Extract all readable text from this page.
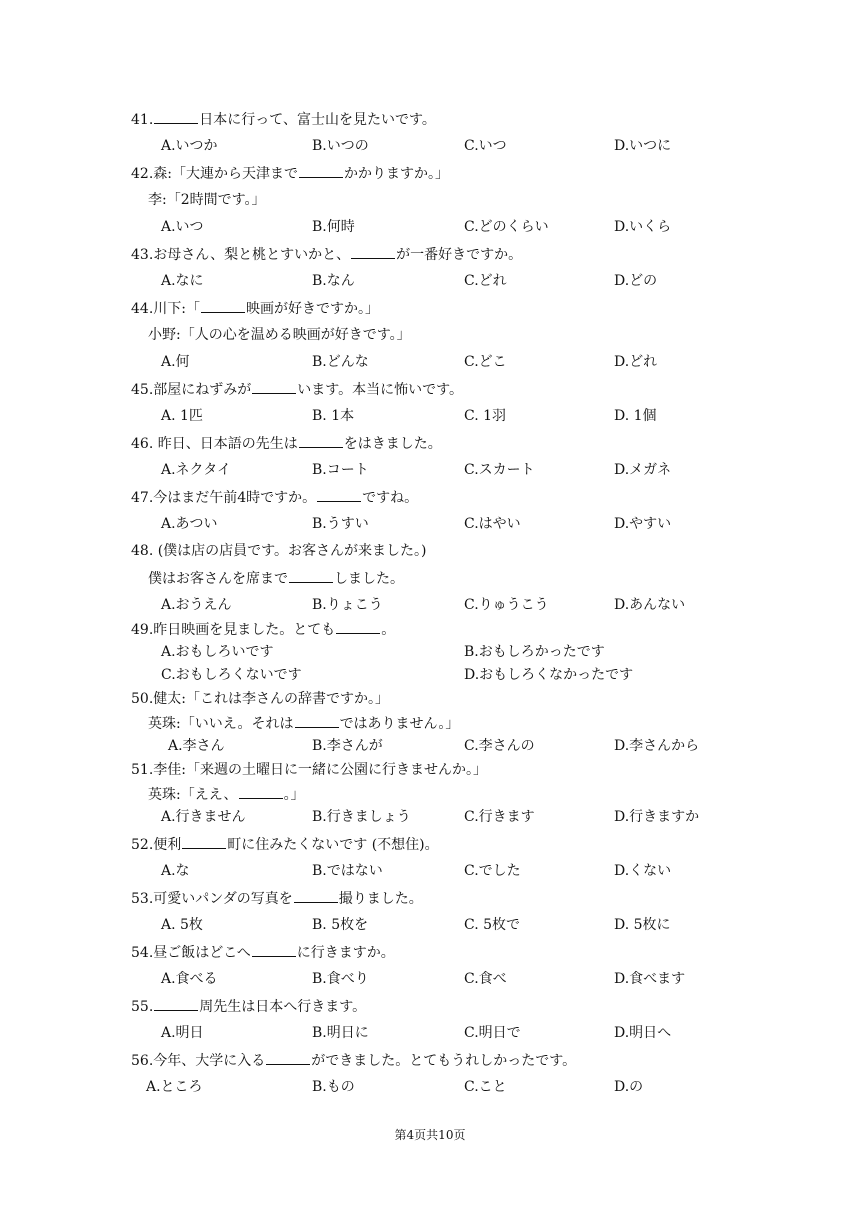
41.	日本に行って、富士山を見たいです。
A.いつか	B.いつの	C.いつ	D.いつに
42.森:「大連から天津まで	かかりますか。」
李:「2時間です。」
A.いつ	B.何時	C.どのくらい	D.いくら
43.お母さん、梨と桃とすいかと、	が一番好きですか。
A.なに	B.なん	C.どれ	D.どの
44.川下:「	映画が好きですか。」
小野:「人の心を温める映画が好きです。」
A.何	B.どんな	C.どこ	D.どれ
45.部屋にねずみが	います。本当に怖いです。
A. 1匹	B. 1本	C. 1羽	D. 1個
46. 昨日、日本語の先生は	をはきました。
A.ネクタイ	B.コート	C.スカート	D.メガネ
47.今はまだ午前4時ですか。	ですね。
A.あつい	B.うすい	C.はやい	D.やすい
48. (僕は店の店員です。お客さんが来ました。)
僕はお客さんを席まで	しました。
A.おうえん	B.りょこう	C.りゅうこう	D.あんない
49.昨日映画を見ました。とても	。
A.おもしろいです	B.おもしろかったです
C.おもしろくないです	D.おもしろくなかったです
50.健太:「これは李さんの辞書ですか。」
英珠:「いいえ。それは	ではありません。」
A.李さん	B.李さんが	C.李さんの	D.李さんから
51.李佳:「来週の土曜日に一緒に公園に行きませんか。」
英珠:「ええ、	。」
A.行きません	B.行きましょう	C.行きます	D.行きますか
52.便利	町に住みたくないです (不想住)。
A.な	B.ではない	C.でした	D.くない
53.可愛いパンダの写真を	撮りました。
A. 5枚	B. 5枚を	C. 5枚で	D. 5枚に
54.昼ご飯はどこへ	に行きますか。
A.食べる	B.食べり	C.食べ	D.食べます
55.	周先生は日本へ行きます。
A.明日	B.明日に	C.明日で	D.明日へ
56.今年、大学に入る	ができました。とてもうれしかったです。
A.ところ	B.もの	C.こと	D.の
第4页共10页
